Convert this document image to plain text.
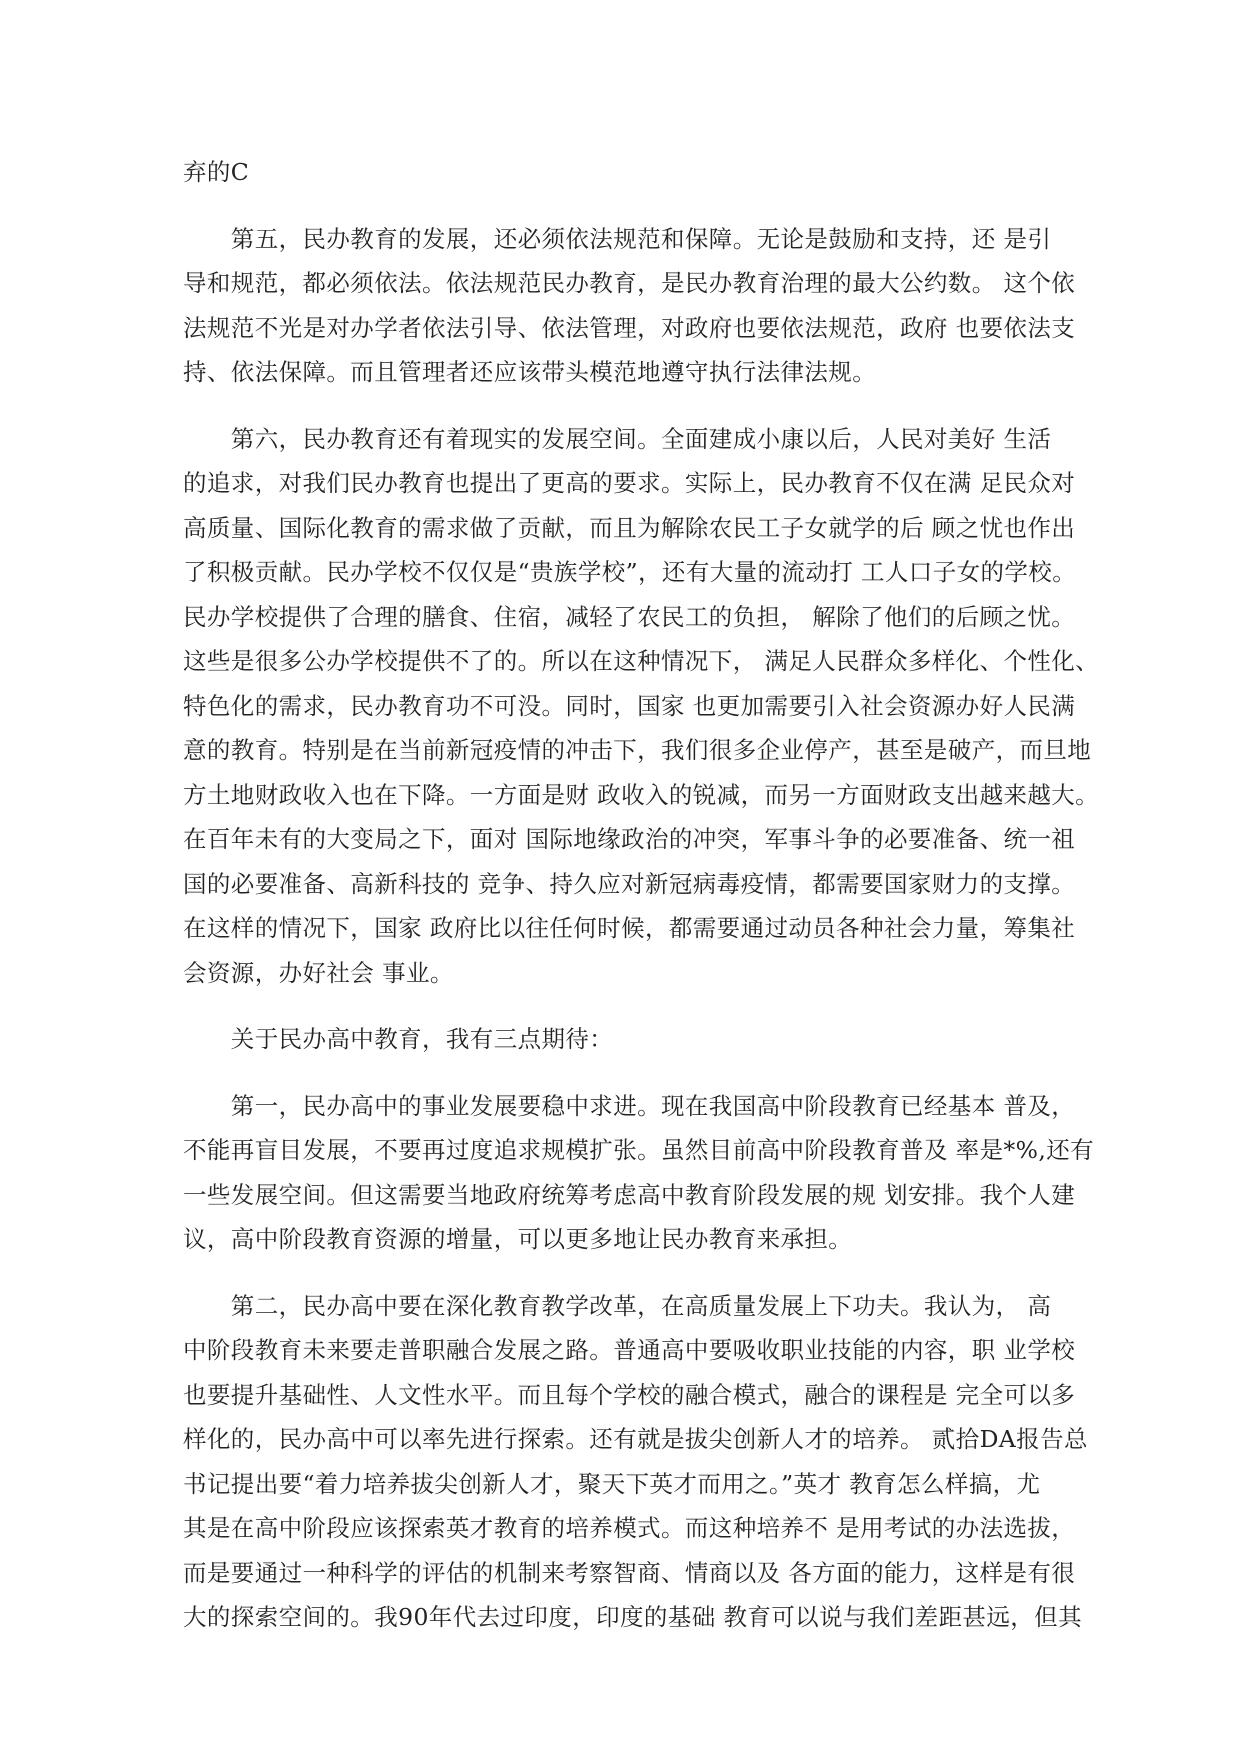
弃的C
　　第五，民办教育的发展，还必须依法规范和保障。无论是鼓励和支持，还 是引
导和规范，都必须依法。依法规范民办教育，是民办教育治理的最大公约数。 这个依
法规范不光是对办学者依法引导、依法管理，对政府也要依法规范，政府 也要依法支
持、依法保障。而且管理者还应该带头模范地遵守执行法律法规。
　　第六，民办教育还有着现实的发展空间。全面建成小康以后，人民对美好 生活
的追求，对我们民办教育也提出了更高的要求。实际上，民办教育不仅在满 足民众对
高质量、国际化教育的需求做了贡献，而且为解除农民工子女就学的后 顾之忧也作出
了积极贡献。民办学校不仅仅是“贵族学校”，还有大量的流动打 工人口子女的学校。
民办学校提供了合理的膳食、住宿，减轻了农民工的负担， 解除了他们的后顾之忧。
这些是很多公办学校提供不了的。所以在这种情况下， 满足人民群众多样化、个性化、
特色化的需求，民办教育功不可没。同时，国家 也更加需要引入社会资源办好人民满
意的教育。特别是在当前新冠疫情的冲击下，我们很多企业停产，甚至是破产，而旦地
方土地财政收入也在下降。一方面是财 政收入的锐减，而另一方面财政支出越来越大。
在百年未有的大变局之下，面对 国际地缘政治的冲突，军事斗争的必要准备、统一祖
国的必要准备、高新科技的 竞争、持久应对新冠病毒疫情，都需要国家财力的支撑。
在这样的情况下，国家 政府比以往任何时候，都需要通过动员各种社会力量，筹集社
会资源，办好社会 事业。
　　关于民办高中教育，我有三点期待：
　　第一，民办高中的事业发展要稳中求进。现在我国高中阶段教育已经基本 普及，
不能再盲目发展，不要再过度追求规模扩张。虽然目前高中阶段教育普及 率是*%,还有
一些发展空间。但这需要当地政府统筹考虑高中教育阶段发展的规 划安排。我个人建
议，高中阶段教育资源的增量，可以更多地让民办教育来承担。
　　第二，民办高中要在深化教育教学改革，在高质量发展上下功夫。我认为， 高
中阶段教育未来要走普职融合发展之路。普通高中要吸收职业技能的内容，职 业学校
也要提升基础性、人文性水平。而且每个学校的融合模式，融合的课程是 完全可以多
样化的，民办高中可以率先进行探索。还有就是拔尖创新人才的培养。 贰拾DA报告总
书记提出要“着力培养拔尖创新人才，聚天下英才而用之。”英才 教育怎么样搞，尤
其是在高中阶段应该探索英才教育的培养模式。而这种培养不 是用考试的办法选拔，
而是要通过一种科学的评估的机制来考察智商、情商以及 各方面的能力，这样是有很
大的探索空间的。我90年代去过印度，印度的基础 教育可以说与我们差距甚远，但其
